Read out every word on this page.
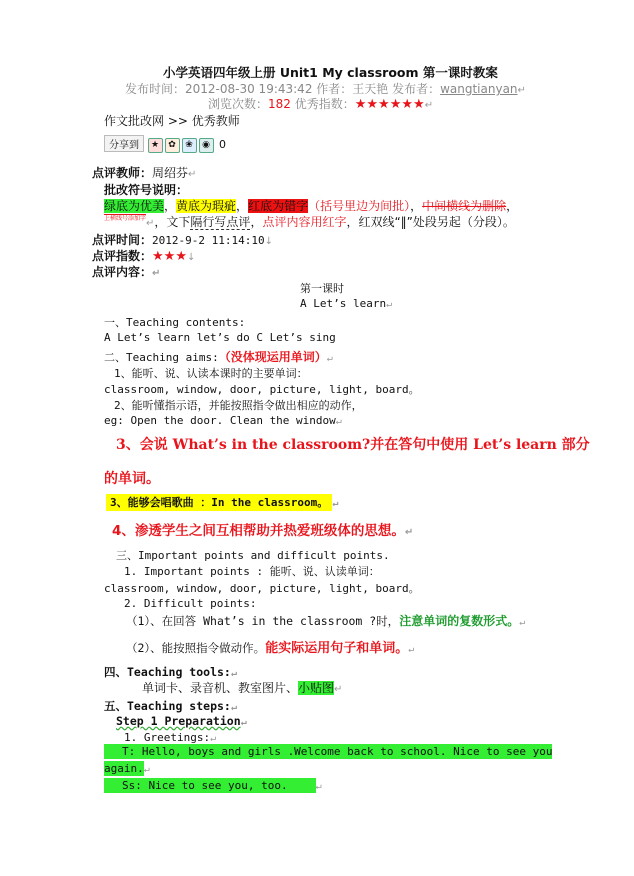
小学英语四年级上册 Unit1 My classroom 第一课时教案
发布时间：2012-08-30 19:43:42 作者：王天艳 发布者：wangtianyan↵
浏览次数：182 优秀指数：★★★★★★↵
作文批改网 >> 优秀教师
分享到 ★ ✿ ❀ ◉ 0
点评教师：周绍芬↵
批改符号说明：
绿底为优美，黄底为瑕疵，红底为错字（括号里边为间批），中间横线为删除，
$^{上横线号添加字}$↵，文下隔行写点评，点评内容用红字，红双线“‖”处段另起（分段）。
点评时间：2012-9-2 11:14:10↓
点评指数：★★★↓
点评内容：↵
第一课时
A Let’s learn↵
一、Teaching contents:
A Let’s learn let’s do C Let’s sing
二、Teaching aims:（没体现运用单词）↵
1、能听、说、认读本课时的主要单词：
classroom, window, door, picture, light, board。
2、能听懂指示语，并能按照指令做出相应的动作，
eg: Open the door. Clean the window↵
3、会说 What’s in the classroom?并在答句中使用 Let’s learn 部分
的单词。
3、能够会唱歌曲 ：In the classroom。 ↵
4、渗透学生之间互相帮助并热爱班级体的思想。↵
三、Important points and difficult points.
1. Important points : 能听、说、认读单词：
classroom, window, door, picture, light, board。
2. Difficult points:
（1）、在回答 What’s in the classroom ?时，注意单词的复数形式。↵
（2）、能按照指令做动作。能实际运用句子和单词。↵
四、Teaching tools:↵
单词卡、录音机、教室图片、小贴图↵
五、Teaching steps:↵
Step 1 Preparation↵
1. Greetings:↵
T: Hello, boys and girls .Welcome back to school. Nice to see you
again.↵
Ss: Nice to see you, too.	↵
